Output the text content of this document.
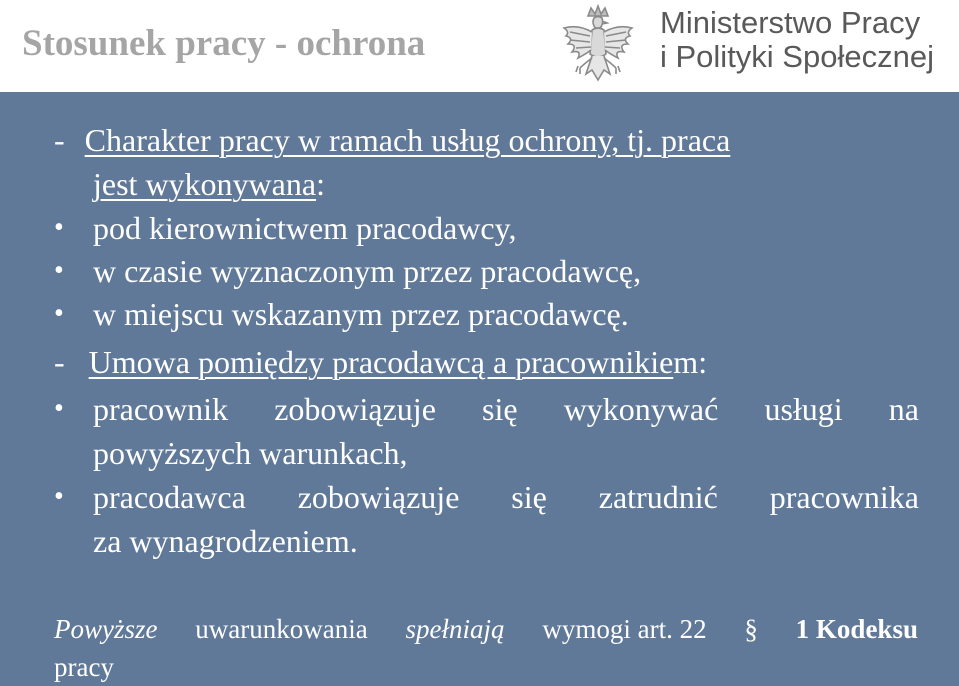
Stosunek pracy - ochrona
Ministerstwo Pracy
i Polityki Społecznej
- Charakter pracy w ramach usług ochrony, tj. praca
jest wykonywana:
• pod kierownictwem pracodawcy,
• w czasie wyznaczonym przez pracodawcę,
• w miejscu wskazanym przez pracodawcę.
- Umowa pomiędzy pracodawcą a pracownikiem:
• pracownik zobowiązuje się wykonywać usługi na
powyższych warunkach,
• pracodawca zobowiązuje się zatrudnić pracownika
za wynagrodzeniem.
Powyższe uwarunkowania spełniają wymogi art. 22 § 1 Kodeksu
pracy
